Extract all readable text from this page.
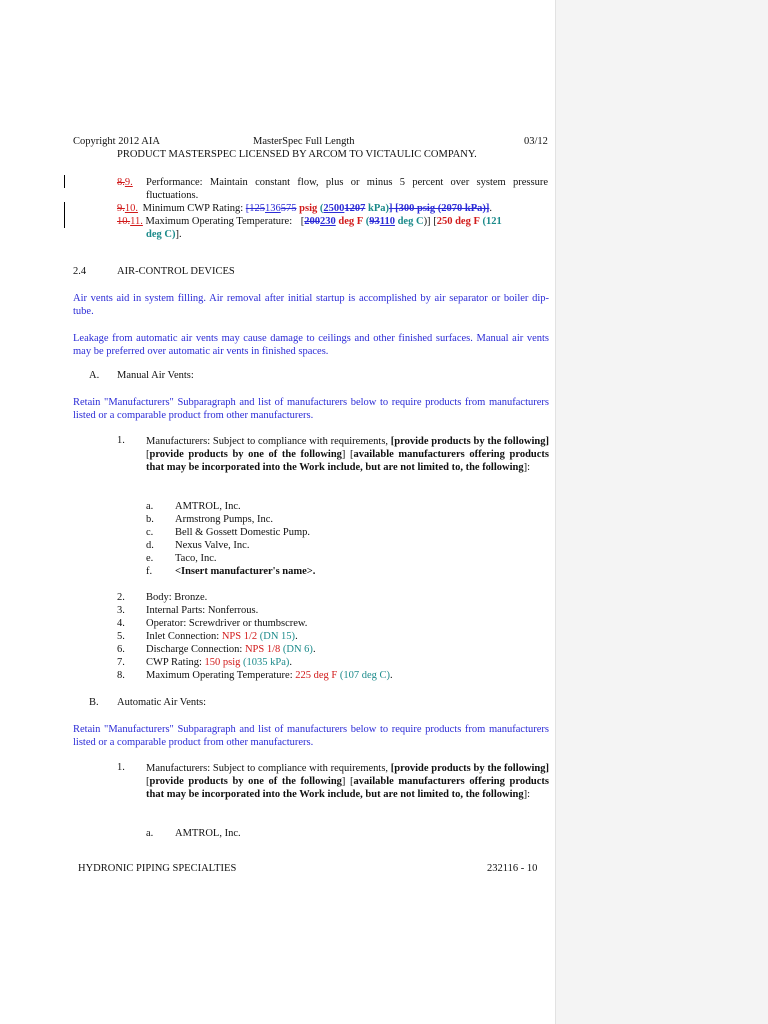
Copyright 2012 AIA	MasterSpec Full Length	03/12
PRODUCT MASTERSPEC LICENSED BY ARCOM TO VICTAULIC COMPANY.
8.9.	Performance: Maintain constant flow, plus or minus 5 percent over system pressure fluctuations.
9.10. Minimum CWP Rating: [125136575 psig (25001207 kPa)] [300 psig (2070 kPa)].
10.11. Maximum Operating Temperature: [200230 deg F (93110 deg C)] [250 deg F (121
deg C)].
2.4	AIR-CONTROL DEVICES
Air vents aid in system filling. Air removal after initial startup is accomplished by air separator or boiler dip-tube.
Leakage from automatic air vents may cause damage to ceilings and other finished surfaces. Manual air vents may be preferred over automatic air vents in finished spaces.
A. Manual Air Vents:
Retain "Manufacturers" Subparagraph and list of manufacturers below to require products from manufacturers listed or a comparable product from other manufacturers.
1. Manufacturers: Subject to compliance with requirements, [provide products by the following] [provide products by one of the following] [available manufacturers offering products that may be incorporated into the Work include, but are not limited to, the following]:
a. AMTROL, Inc.
b. Armstrong Pumps, Inc.
c. Bell & Gossett Domestic Pump.
d. Nexus Valve, Inc.
e. Taco, Inc.
f. <Insert manufacturer's name>.
2. Body: Bronze.
3. Internal Parts: Nonferrous.
4. Operator: Screwdriver or thumbscrew.
5. Inlet Connection: NPS 1/2 (DN 15).
6. Discharge Connection: NPS 1/8 (DN 6).
7. CWP Rating: 150 psig (1035 kPa).
8. Maximum Operating Temperature: 225 deg F (107 deg C).
B. Automatic Air Vents:
Retain "Manufacturers" Subparagraph and list of manufacturers below to require products from manufacturers listed or a comparable product from other manufacturers.
1. Manufacturers: Subject to compliance with requirements, [provide products by the following] [provide products by one of the following] [available manufacturers offering products that may be incorporated into the Work include, but are not limited to, the following]:
a. AMTROL, Inc.
HYDRONIC PIPING SPECIALTIES	232116 - 10
